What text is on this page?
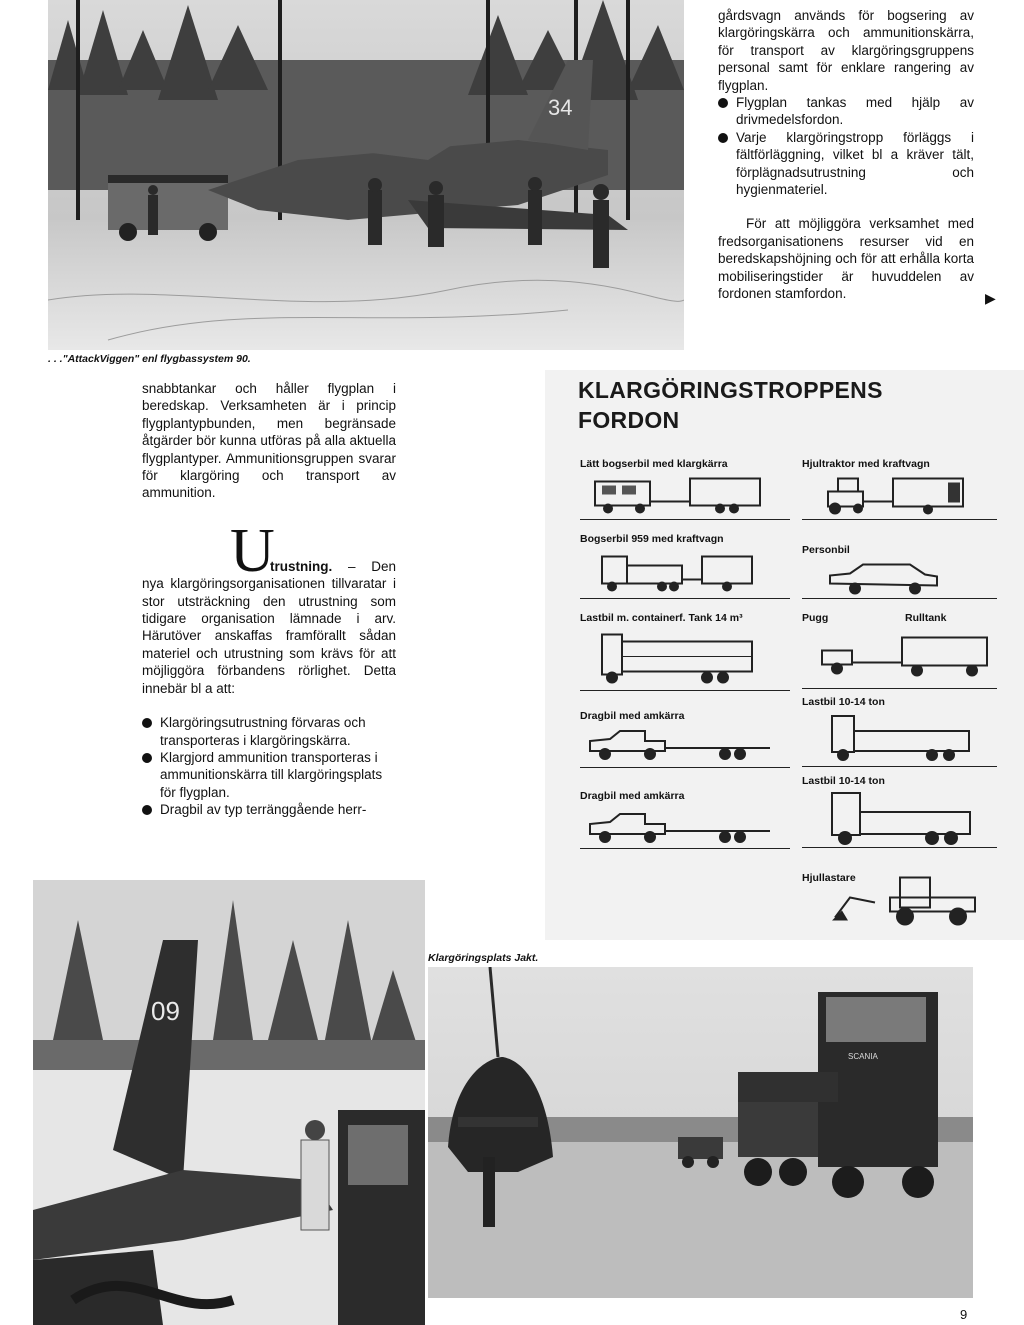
34
. . ."AttackViggen" enl flygbassystem 90.

gårdsvagn används för bogsering av klargöringskärra och ammunitionskärra, för transport av klargöringsgruppens personal samt för enklare rangering av flygplan.

Flygplan tankas med hjälp av drivmedelsfordon.
Varje klargöringstropp förläggs i fältförläggning, vilket bl a kräver tält, förplägnadsutrustning och hygienmateriel.

För att möjliggöra verksamhet med fredsorganisationens resurser vid en beredskapshöjning och för att erhålla korta mobiliseringstider är huvuddelen av fordonen stamfordon.	▶

snabbtankar och håller flygplan i beredskap. Verksamheten är i princip flygplantypbunden, men begränsade åtgärder bör kunna utföras på alla aktuella flygplantyper. Ammunitionsgruppen svarar för klargöring och transport av ammunition.

U

trustning. – Den nya klargöringsorganisationen tillvaratar i stor utsträckning den utrustning som tidigare organisation lämnade i arv. Härutöver anskaffas framförallt sådan materiel och utrustning som krävs för att möjliggöra förbandens rörlighet. Detta innebär bl a att:

Klargöringsutrustning förvaras och transporteras i klargöringskärra.
Klargjord ammunition transporteras i ammunitionskärra till klargöringsplats för flygplan.
Dragbil av typ terränggående herr-
KLARGÖRINGSTROPPENS
FORDON
Lätt bogserbil med klargkärra	Hjultraktor med kraftvagn
Bogserbil 959 med kraftvagn
Personbil
Lastbil m. containerf. Tank 14 m³	Pugg	Rulltank
Lastbil 10-14 ton
Dragbil med amkärra
Lastbil 10-14 ton
Dragbil med amkärra
Hjullastare
09
Klargöringsplats Jakt.
SCANIA
9
